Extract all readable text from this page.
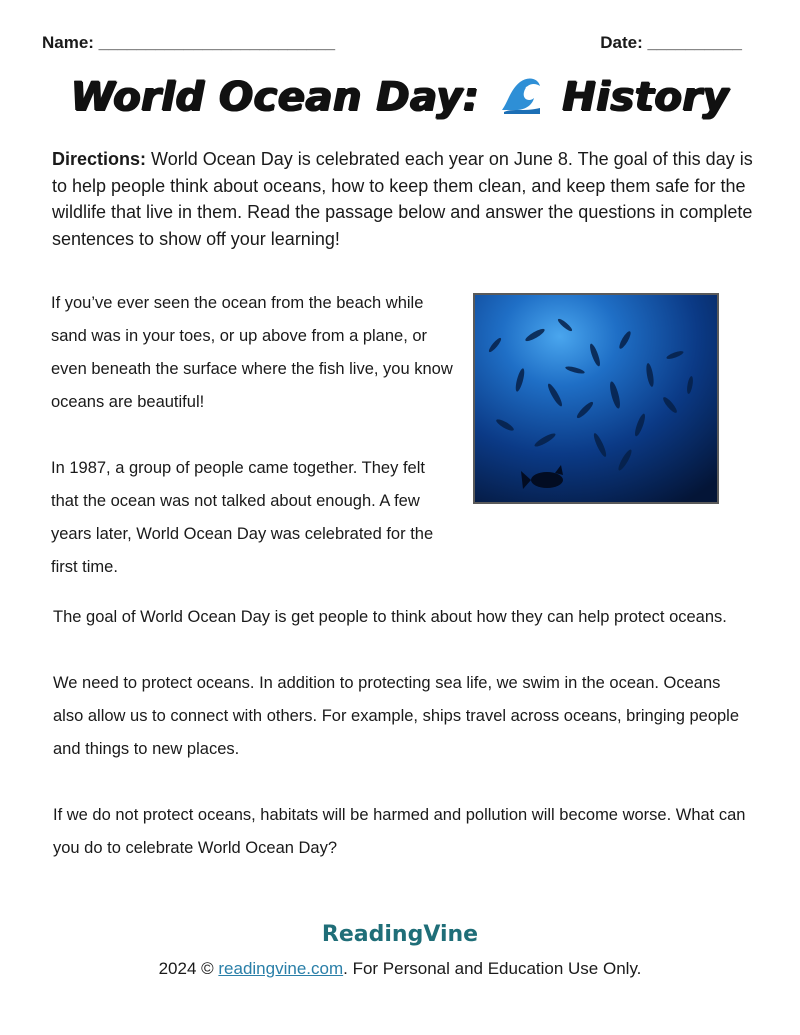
Name: _________________________	Date: __________
World Ocean Day: History
Directions: World Ocean Day is celebrated each year on June 8. The goal of this day is to help people think about oceans, how to keep them clean, and keep them safe for the wildlife that live in them. Read the passage below and answer the questions in complete sentences to show off your learning!

If you’ve ever seen the ocean from the beach while sand was in your toes, or up above from a plane, or even beneath the surface where the fish live, you know oceans are beautiful!

In 1987, a group of people came together. They felt that the ocean was not talked about enough. A few years later, World Ocean Day was celebrated for the first time.

The goal of World Ocean Day is get people to think about how they can help protect oceans.

We need to protect oceans. In addition to protecting sea life, we swim in the ocean. Oceans also allow us to connect with others. For example, ships travel across oceans, bringing people and things to new places.

If we do not protect oceans, habitats will be harmed and pollution will become worse. What can you do to celebrate World Ocean Day?

ReadingVine
2024 © readingvine.com. For Personal and Education Use Only.
